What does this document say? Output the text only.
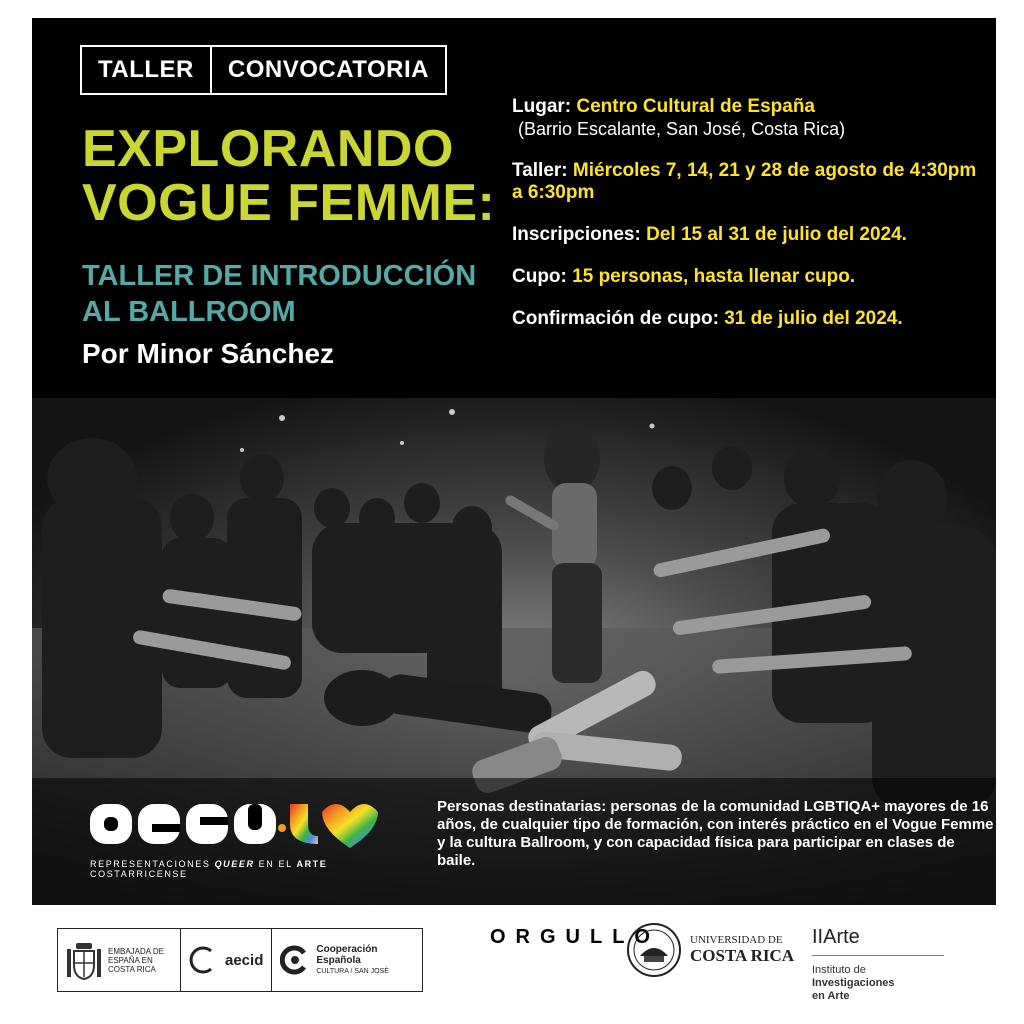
TALLER	CONVOCATORIA
EXPLORANDO
VOGUE FEMME:
TALLER DE INTRODUCCIÓN
AL BALLROOM
Por Minor Sánchez
Lugar: Centro Cultural de España
(Barrio Escalante, San José, Costa Rica)
Taller: Miércoles 7, 14, 21 y 28 de agosto de 4:30pm a 6:30pm
Inscripciones: Del 15 al 31 de julio del 2024.
Cupo: 15 personas, hasta llenar cupo.
Confirmación de cupo: 31 de julio del 2024.
REPRESENTACIONES QUEER EN EL ARTE COSTARRICENSE
Personas destinatarias: personas de la comunidad LGBTIQA+ mayores de 16 años, de cualquier tipo de formación, con interés práctico en el Vogue Femme y la cultura Ballroom, y con capacidad física para participar en clases de baile.
EMBAJADA DE ESPAÑA EN COSTA RICA
aecid
Cooperación
Española
CULTURA / SAN JOSÉ
ORGULLO	UNIVERSIDAD DE
COSTA RICA
IIArte
Instituto de
Investigaciones
en Arte
